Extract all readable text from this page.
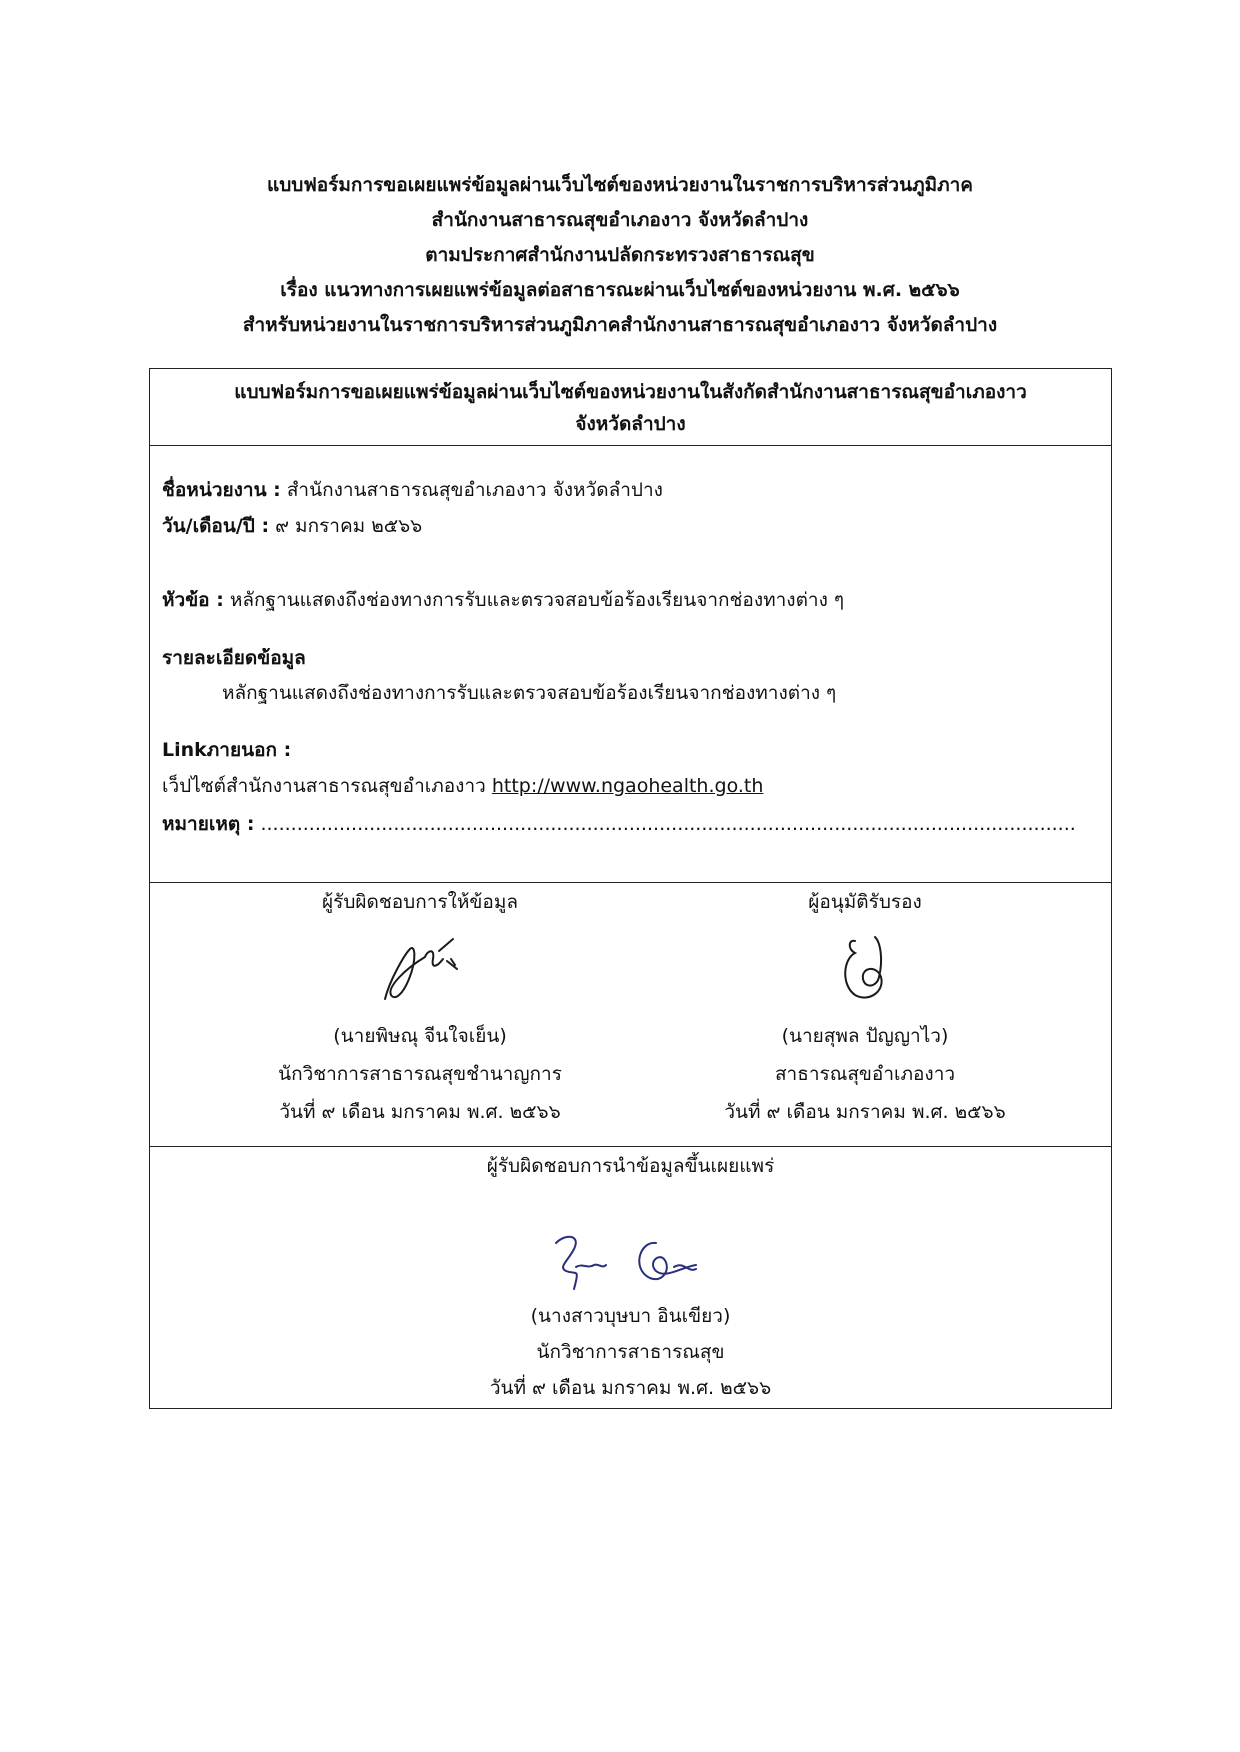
แบบฟอร์มการขอเผยแพร่ข้อมูลผ่านเว็บไซต์ของหน่วยงานในราชการบริหารส่วนภูมิภาค
สำนักงานสาธารณสุขอำเภองาว จังหวัดลำปาง
ตามประกาศสำนักงานปลัดกระทรวงสาธารณสุข
เรื่อง แนวทางการเผยแพร่ข้อมูลต่อสาธารณะผ่านเว็บไซต์ของหน่วยงาน พ.ศ. ๒๕๖๖
สำหรับหน่วยงานในราชการบริหารส่วนภูมิภาคสำนักงานสาธารณสุขอำเภองาว จังหวัดลำปาง
แบบฟอร์มการขอเผยแพร่ข้อมูลผ่านเว็บไซต์ของหน่วยงานในสังกัดสำนักงานสาธารณสุขอำเภองาว
จังหวัดลำปาง
ชื่อหน่วยงาน : สำนักงานสาธารณสุขอำเภองาว จังหวัดลำปาง
วัน/เดือน/ปี : ๙ มกราคม ๒๕๖๖
หัวข้อ : หลักฐานแสดงถึงช่องทางการรับและตรวจสอบข้อร้องเรียนจากช่องทางต่าง ๆ
รายละเอียดข้อมูล
หลักฐานแสดงถึงช่องทางการรับและตรวจสอบข้อร้องเรียนจากช่องทางต่าง ๆ
Linkภายนอก :
เว็ปไซต์สำนักงานสาธารณสุขอำเภองาว http://www.ngaohealth.go.th
หมายเหตุ : .......................................................................................................................................
ผู้รับผิดชอบการให้ข้อมูล
(นายพิษณุ จีนใจเย็น)
นักวิชาการสาธารณสุขชำนาญการ
วันที่ ๙ เดือน มกราคม พ.ศ. ๒๕๖๖
ผู้อนุมัติรับรอง
(นายสุพล ปัญญาไว)
สาธารณสุขอำเภองาว
วันที่ ๙ เดือน มกราคม พ.ศ. ๒๕๖๖
ผู้รับผิดชอบการนำข้อมูลขึ้นเผยแพร่
(นางสาวบุษบา อินเขียว)
นักวิชาการสาธารณสุข
วันที่ ๙ เดือน มกราคม พ.ศ. ๒๕๖๖
